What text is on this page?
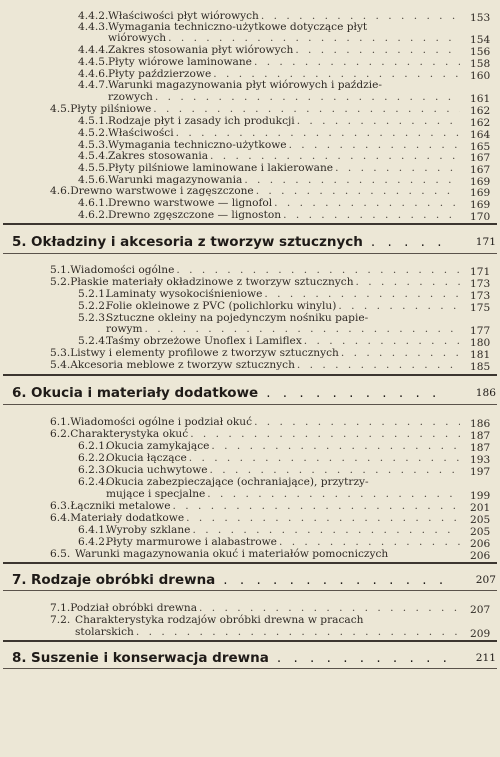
4.4.2. Właściwości płyt wiórowych . . .	153
4.4.3. Wymagania techniczno-użytkowe dotyczące płyt
wiórowych . . .	154
4.4.4. Zakres stosowania płyt wiórowych . . .	156
4.4.5. Płyty wiórowe laminowane . . .	158
4.4.6. Płyty paździerzowe . . .	160
4.4.7. Warunki magazynowania płyt wiórowych i paździe-
rzowych . . .	161
4.5. Płyty pilśniowe . . .	162
4.5.1. Rodzaje płyt i zasady ich produkcji . . .	162
4.5.2. Właściwości . . .	164
4.5.3. Wymagania techniczno-użytkowe . . .	165
4.5.4. Zakres stosowania . . .	167
4.5.5. Płyty pilśniowe laminowane i lakierowane . . .	167
4.5.6. Warunki magazynowania . . .	169
4.6. Drewno warstwowe i zagęszczone . . .	169
4.6.1. Drewno warstwowe — lignofol . . .	169
4.6.2. Drewno zgęszczone — lignoston . . .	170
5. Okładziny i akcesoria z tworzyw sztucznych . . . . .	171
5.1. Wiadomości ogólne . . .	171
5.2. Płaskie materiały okładzinowe z tworzyw sztucznych . . .	173
5.2.1.
Laminaty wysokociśnieniowe . . .	173
5.2.2.
Folie okleinowe z PVC (polichlorku winylu) . . .	175
5.2.3.
Sztuczne okleiny na pojedynczym nośniku papie-
rowym . . .	177
5.2.4.
Taśmy obrzeżowe Unoflex i Lamiflex . . .	180
5.3. Listwy i elementy profilowe z tworzyw sztucznych . . .	181
5.4. Akcesoria meblowe z tworzyw sztucznych . . .	185
6. Okucia i materiały dodatkowe . . . . . . . . . . .	186
6.1. Wiadomości ogólne i podział okuć . . .	186
6.2. Charakterystyka okuć . . .	187
6.2.1.
Okucia zamykające . . .	187
6.2.2.
Okucia łączące . . .	193
6.2.3.
Okucia uchwytowe . . .	197
6.2.4.
Okucia zabezpieczające (ochraniające), przytrzy-
mujące i specjalne . . .	199
6.3. Łączniki metalowe . . .	201
6.4. Materiały dodatkowe . . .	205
6.4.1.
Wyroby szklane . . .	205
6.4.2.
Płyty marmurowe i alabastrowe . . .	206
6.5. Warunki magazynowania okuć i materiałów pomocniczych	206
7. Rodzaje obróbki drewna . . . . . . . . . . . . . .	207
7.1. Podział obróbki drewna . . .	207
7.2. Charakterystyka rodzajów obróbki drewna w pracach
stolarskich . . .	209
8. Suszenie i konserwacja drewna . . . . . . . . . . .	211
